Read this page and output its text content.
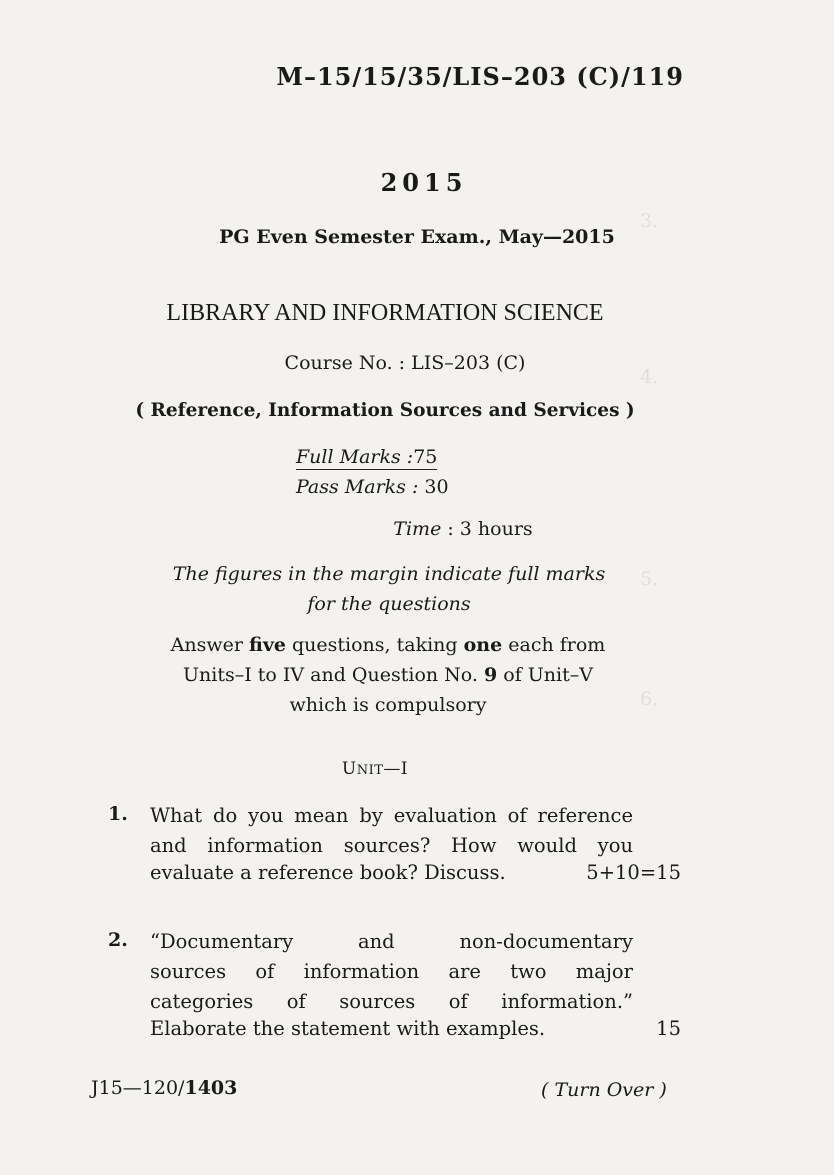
3.
4.
5.
6.
M–15/15/35/LIS–203 (C)/119
2015
PG Even Semester Exam., May—2015
LIBRARY AND INFORMATION SCIENCE
Course No. : LIS–203 (C)
( Reference, Information Sources and Services )
Full Marks :75
Pass Marks : 30
Time : 3 hours
The figures in the margin indicate full marks
for the questions
Answer five questions, taking one each from
Units–I to IV and Question No. 9 of Unit–V
which is compulsory
UNIT—I
1. What do you mean by evaluation of reference
and information sources? How would you
evaluate a reference book? Discuss.	5+10=15
2. “Documentary and non-documentary
sources of information are two major
categories of sources of information.”
Elaborate the statement with examples.	15
J15—120/1403	( Turn Over )
